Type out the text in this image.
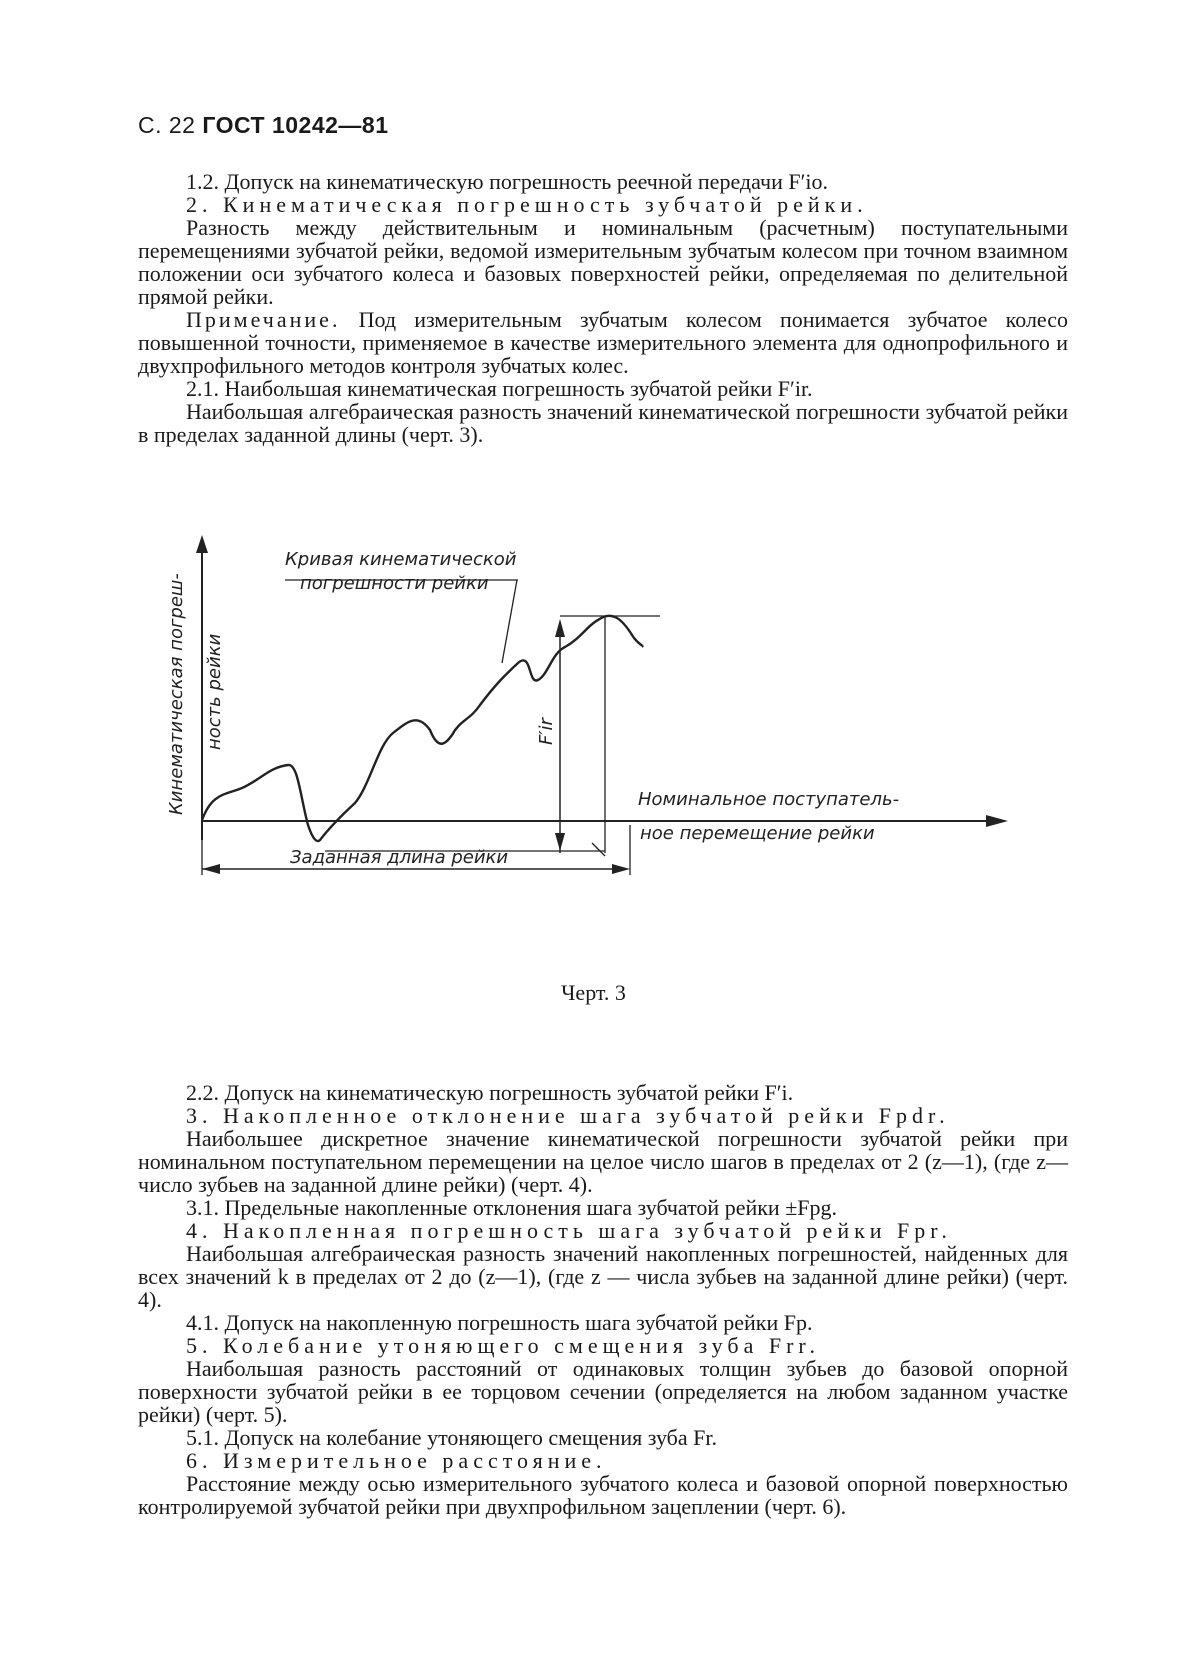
С. 22 ГОСТ 10242—81

1.2. Допуск на кинематическую погрешность реечной передачи F′io.

2. Кинематическая погрешность зубчатой рейки.

Разность между действительным и номинальным (расчетным) поступательными перемещениями зубчатой рейки, ведомой измерительным зубчатым колесом при точном взаимном положении оси зубчатого колеса и базовых поверхностей рейки, определяемая по делительной прямой рейки.

Примечание. Под измерительным зубчатым колесом понимается зубчатое колесо повышенной точности, применяемое в качестве измерительного элемента для однопрофильного и двухпрофильного методов контроля зубчатых колес.

2.1. Наибольшая кинематическая погрешность зубчатой рейки F′ir.

Наибольшая алгебраическая разность значений кинематической погрешности зубчатой рейки в пределах заданной длины (черт. 3).

Кинематическая погреш- ность рейки
Кривая кинематической
погрешности рейки
F′ir
Номинальное поступатель-
ное перемещение рейки
Заданная длина рейки
Черт. 3

2.2. Допуск на кинематическую погрешность зубчатой рейки F′i.

3. Накопленное отклонение шага зубчатой рейки Fpdr.

Наибольшее дискретное значение кинематической погрешности зубчатой рейки при номинальном поступательном перемещении на целое число шагов в пределах от 2 (z—1), (где z— число зубьев на заданной длине рейки) (черт. 4).

3.1. Предельные накопленные отклонения шага зубчатой рейки ±Fpg.

4. Накопленная погрешность шага зубчатой рейки Fpr.

Наибольшая алгебраическая разность значений накопленных погрешностей, найденных для всех значений k в пределах от 2 до (z—1), (где z — числа зубьев на заданной длине рейки) (черт. 4).

4.1. Допуск на накопленную погрешность шага зубчатой рейки Fp.

5. Колебание утоняющего смещения зуба Frr.

Наибольшая разность расстояний от одинаковых толщин зубьев до базовой опорной поверхности зубчатой рейки в ее торцовом сечении (определяется на любом заданном участке рейки) (черт. 5).

5.1. Допуск на колебание утоняющего смещения зуба Fr.

6. Измерительное расстояние.

Расстояние между осью измерительного зубчатого колеса и базовой опорной поверхностью контролируемой зубчатой рейки при двухпрофильном зацеплении (черт. 6).
